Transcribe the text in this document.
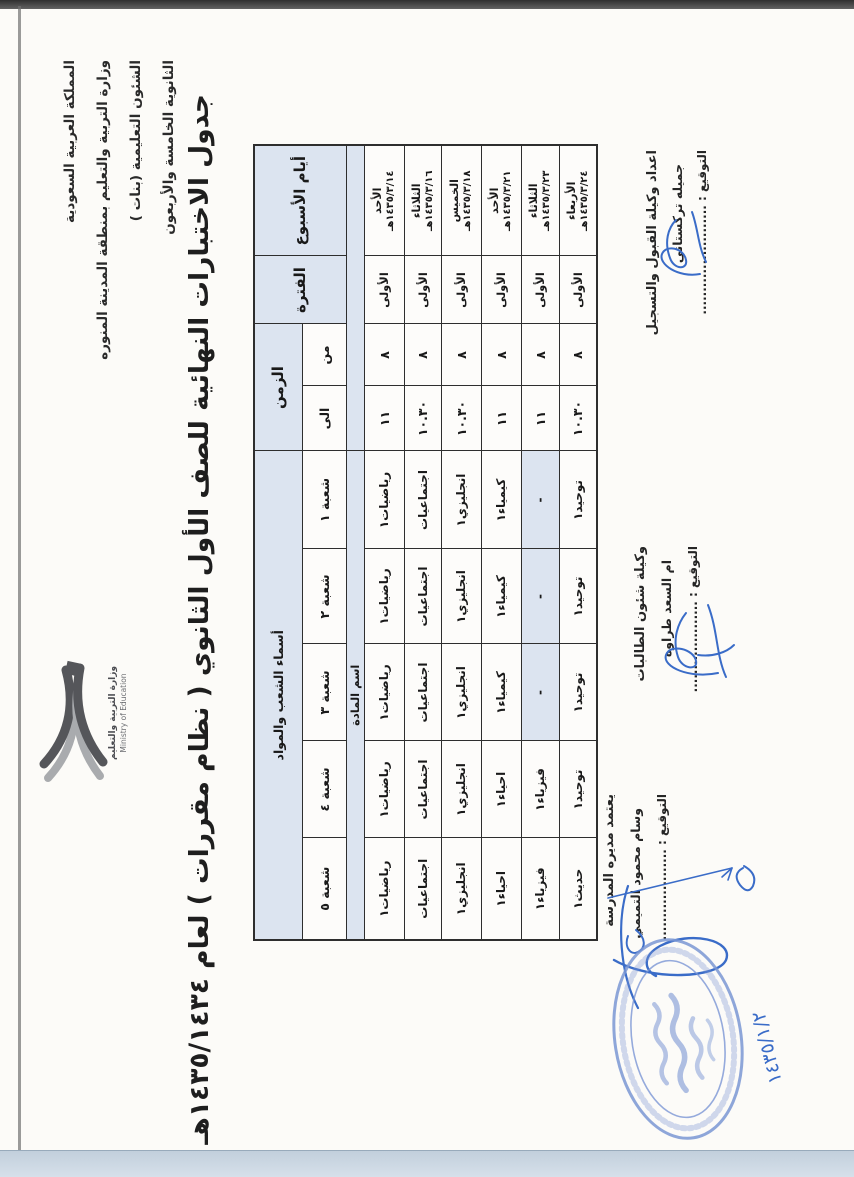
المملكة العربية السعودية	وزارة التربية والتعليم بمنطقة المدينة المنوره	الشئون التعليمية (بنات )	الثانوية الخامسة والأربعون
وزارة التربية والتعليم Ministry of Education
جدول الاختبارات النهائية للصف الأول الثانوي ( نظام مقررات ) لعام ١٤٣٥/١٤٣٤هـ	أيام الأسبوع	الفترة	الزمن		أسماء الشعب والمواد				
		من	الى	شعبة ١	شعبة ٢	شعبة ٣	شعبة ٤	شعبة ٥
				اسم المادة				

الأحد
١٤٣٥/٣/١٤هـ	الأولى	٨	١١	رياضيات١	رياضيات١	رياضيات١	رياضيات١	رياضيات١

الثلاثاء
١٤٣٥/٣/١٦هـ	الأولى	٨	١٠.٣٠	اجتماعيات	اجتماعيات	اجتماعيات	اجتماعيات	اجتماعيات

الخميس
١٤٣٥/٣/١٨هـ	الأولى	٨	١٠.٣٠	انجليزي١	انجليزي١	انجليزي١	انجليزي١	انجليزي١

الأحد
١٤٣٥/٣/٢١هـ	الأولى	٨	١١	كيمياء١	كيمياء١	كيمياء١	احياء١	احياء١

الثلاثاء
١٤٣٥/٣/٢٣هـ	الأولى	٨	١١	-	-	-	فيزياء١	فيزياء١

الأربعاء
١٤٣٥/٣/٢٤هـ	الأولى	٨	١٠.٣٠	توحيد١	توحيد١	توحيد١	توحيد١	حديث١
اعداد وكيلة القبول والتسجيل جميله تركستانى التوقيع : ........................
وكيلة شئون الطالبات ام السعد طراوه	التوقيع : ....................
يعتمد مديره المدرسة وسام محمود التميمي	التوقيع : ....................
١٤٣٥/١/٢
